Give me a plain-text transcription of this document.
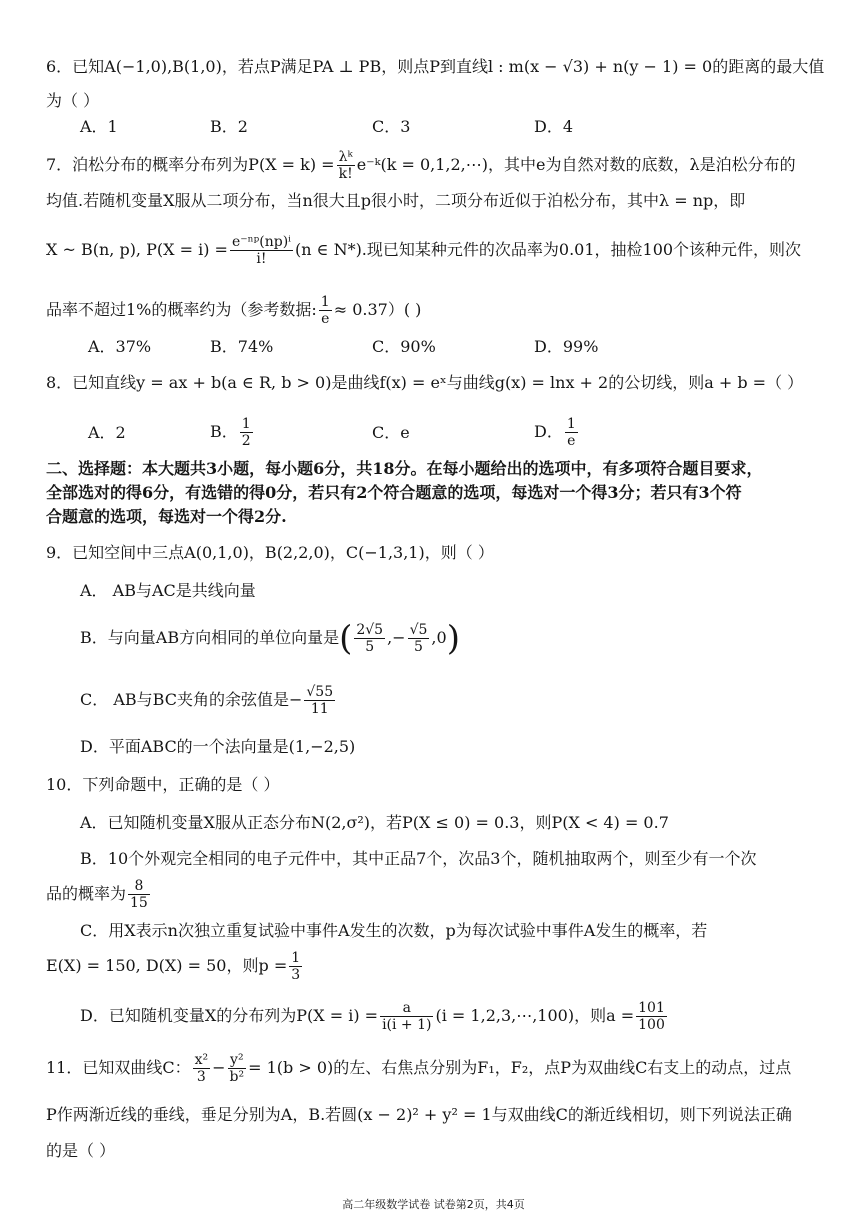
6．已知A(−1,0),B(1,0)，若点P满足PA ⊥ PB，则点P到直线l : m(x − √3) + n(y − 1) = 0的距离的最大值
为（ ）
A．1	B．2	C．3	D．4
7．泊松分布的概率分布列为$P(X = k) = \frac{\text{λᵏ}}{k!}$ e⁻ᵏ(k = 0,1,2,⋯)，其中e为自然对数的底数，λ是泊松分布的
均值.若随机变量X服从二项分布，当n很大且p很小时，二项分布近似于泊松分布，其中λ = np，即
X ~ B(n, p), $P(X = i) = \frac{\text{e⁻ⁿᵖ(np)ⁱ}}{i!} (n$ ∈ N*).现已知某种元件的次品率为0.01，抽检100个该种元件，则次
品率不超过1%的概率约为（参考数据: $\frac{1}{e} \approx 0.37$）( )
A．37%	B．74%	C．90%	D．99%
8．已知直线y = ax + b(a ∈ R, b > 0)是曲线f(x) = eˣ与曲线g(x) = lnx + 2的公切线，则a + b =（ ）
A．2	B． $\frac{1}{2}$	C．e	D． $\frac{1}{e}$
二、选择题：本大题共3小题，每小题6分，共18分。在每小题给出的选项中，有多项符合题目要求，
全部选对的得6分，有选错的得0分，若只有2个符合题意的选项，每选对一个得3分；若只有3个符
合题意的选项，每选对一个得2分.
9．已知空间中三点A(0,1,0)，B(2,2,0)，C(−1,3,1)，则（ ）
A． AB与AC是共线向量
B．与向量AB方向相同的单位向量是( $\frac{2√5}{5}$ ,− $\frac{√5}{5} ,0$)
C． AB与BC夹角的余弦值是− $\frac{√55}{11}$
D．平面ABC的一个法向量是(1,−2,5)
10．下列命题中，正确的是（ ）
A．已知随机变量X服从正态分布N(2,σ²)，若P(X ≤ 0) = 0.3，则P(X < 4) = 0.7
B．10个外观完全相同的电子元件中，其中正品7个，次品3个，随机抽取两个，则至少有一个次
品的概率为 $\frac{8}{15}$
C．用X表示n次独立重复试验中事件A发生的次数，p为每次试验中事件A发生的概率，若
E(X) = 150, D(X) = 50，则$p = \frac{1}{3}$
D．已知随机变量X的分布列为$P(X = i) = \frac{a}{i(i + 1)} (i$ = 1,2,3,⋯,100)，则$a = \frac{101}{100}$
11．已知双曲线C： $\frac{\text{x²}}{3} - \frac{\text{y²}}{\text{b²}} = 1(b > 0)$的左、右焦点分别为F₁，F₂，点P为双曲线C右支上的动点，过点
P作两渐近线的垂线，垂足分别为A，B.若圆(x − 2)² + y² = 1与双曲线C的渐近线相切，则下列说法正确
的是（ ）
高二年级数学试卷 试卷第2页，共4页
